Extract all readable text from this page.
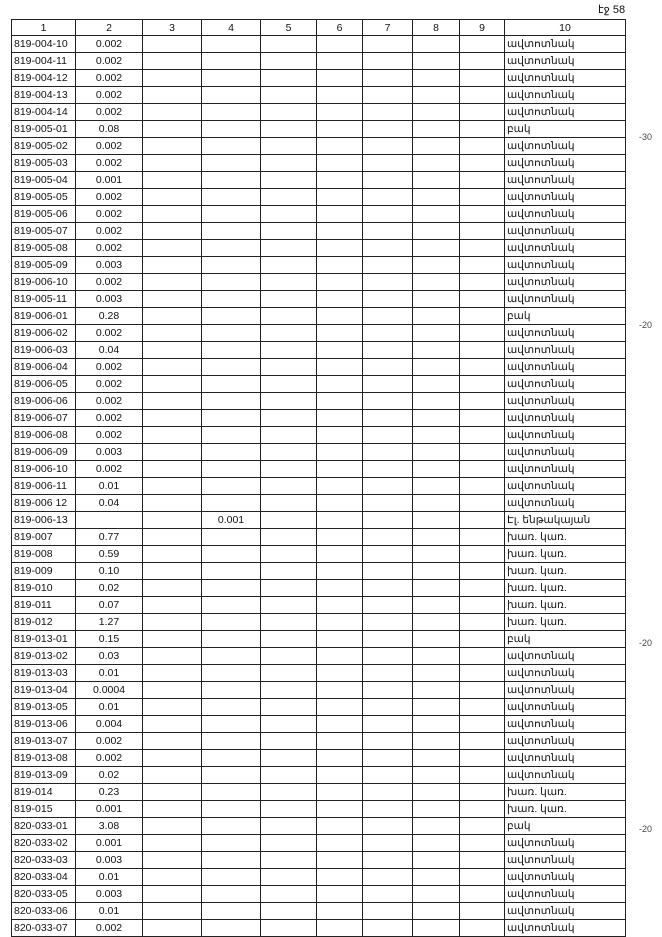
էջ 58
1	2	3	4	5	6	7	8	9	10
819-004-10	0.002								ավտոտնակ
819-004-11	0.002								ավտոտնակ
819-004-12	0.002								ավտոտնակ
819-004-13	0.002								ավտոտնակ
819-004-14	0.002								ավտոտնակ
819-005-01	0.08								բակ
819-005-02	0.002								ավտոտնակ
819-005-03	0.002								ավտոտնակ
819-005-04	0.001								ավտոտնակ
819-005-05	0.002								ավտոտնակ
819-005-06	0.002								ավտոտնակ
819-005-07	0.002								ավտոտնակ
819-005-08	0.002								ավտոտնակ
819-005-09	0.003								ավտոտնակ
819-006-10	0.002								ավտոտնակ
819-005-11	0.003								ավտոտնակ
819-006-01	0.28								բակ
819-006-02	0.002								ավտոտնակ
819-006-03	0.04								ավտոտնակ
819-006-04	0.002								ավտոտնակ
819-006-05	0.002								ավտոտնակ
819-006-06	0.002								ավտոտնակ
819-006-07	0.002								ավտոտնակ
819-006-08	0.002								ավտոտնակ
819-006-09	0.003								ավտոտնակ
819-006-10	0.002								ավտոտնակ
819-006-11	0.01								ավտոտնակ
819-006 12	0.04								ավտոտնակ
819-006-13			0.001						Էլ. ենթակայան
819-007	0.77								խառ. կառ.
819-008	0.59								խառ. կառ.
819-009	0.10								խառ. կառ.
819-010	0.02								խառ. կառ.
819-011	0.07								խառ. կառ.
819-012	1.27								խառ. կառ.
819-013-01	0.15								բակ
819-013-02	0.03								ավտոտնակ
819-013-03	0.01								ավտոտնակ
819-013-04	0.0004								ավտոտնակ
819-013-05	0.01								ավտոտնակ
819-013-06	0.004								ավտոտնակ
819-013-07	0.002								ավտոտնակ
819-013-08	0.002								ավտոտնակ
819-013-09	0.02								ավտոտնակ
819-014	0.23								խառ. կառ.
819-015	0.001								խառ. կառ.
820-033-01	3.08								բակ
820-033-02	0.001								ավտոտնակ
820-033-03	0.003								ավտոտնակ
820-033-04	0.01								ավտոտնակ
820-033-05	0.003								ավտոտնակ
820-033-06	0.01								ավտոտնակ
820-033-07	0.002								ավտոտնակ
-30
-20
-20
-20
